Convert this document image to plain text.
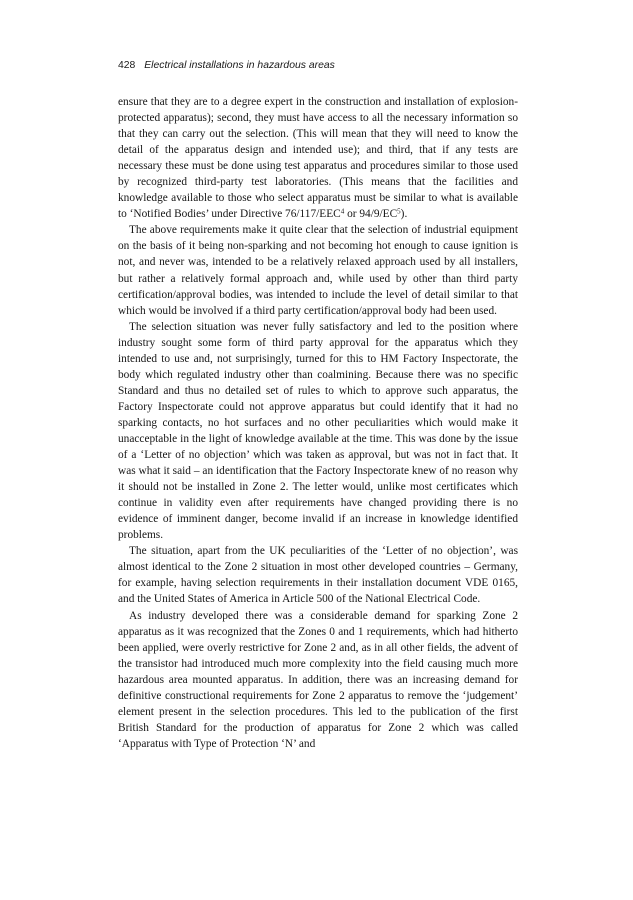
428 Electrical installations in hazardous areas

ensure that they are to a degree expert in the construction and installation of explosion-protected apparatus); second, they must have access to all the necessary information so that they can carry out the selection. (This will mean that they will need to know the detail of the apparatus design and intended use); and third, that if any tests are necessary these must be done using test apparatus and procedures similar to those used by recognized third-party test laboratories. (This means that the facilities and knowledge available to those who select apparatus must be similar to what is available to ‘Notified Bodies’ under Directive 76/117/EEC$^4$ or $94/9/EC^5$).

The above requirements make it quite clear that the selection of industrial equipment on the basis of it being non-sparking and not becoming hot enough to cause ignition is not, and never was, intended to be a relatively relaxed approach used by all installers, but rather a relatively formal approach and, while used by other than third party certification/approval bodies, was intended to include the level of detail similar to that which would be involved if a third party certification/approval body had been used.

The selection situation was never fully satisfactory and led to the position where industry sought some form of third party approval for the apparatus which they intended to use and, not surprisingly, turned for this to HM Factory Inspectorate, the body which regulated industry other than coalmining. Because there was no specific Standard and thus no detailed set of rules to which to approve such apparatus, the Factory Inspectorate could not approve apparatus but could identify that it had no sparking contacts, no hot surfaces and no other peculiarities which would make it unacceptable in the light of knowledge available at the time. This was done by the issue of a ‘Letter of no objection’ which was taken as approval, but was not in fact that. It was what it said – an identification that the Factory Inspectorate knew of no reason why it should not be installed in Zone 2. The letter would, unlike most certificates which continue in validity even after requirements have changed providing there is no evidence of imminent danger, become invalid if an increase in knowledge identified problems.

The situation, apart from the UK peculiarities of the ‘Letter of no objection’, was almost identical to the Zone 2 situation in most other developed countries – Germany, for example, having selection requirements in their installation document VDE 0165, and the United States of America in Article 500 of the National Electrical Code.

As industry developed there was a considerable demand for sparking Zone 2 apparatus as it was recognized that the Zones 0 and 1 requirements, which had hitherto been applied, were overly restrictive for Zone 2 and, as in all other fields, the advent of the transistor had introduced much more complexity into the field causing much more hazardous area mounted apparatus. In addition, there was an increasing demand for definitive constructional requirements for Zone 2 apparatus to remove the ‘judgement’ element present in the selection procedures. This led to the publication of the first British Standard for the production of apparatus for Zone 2 which was called ‘Apparatus with Type of Protection ‘N’ and
